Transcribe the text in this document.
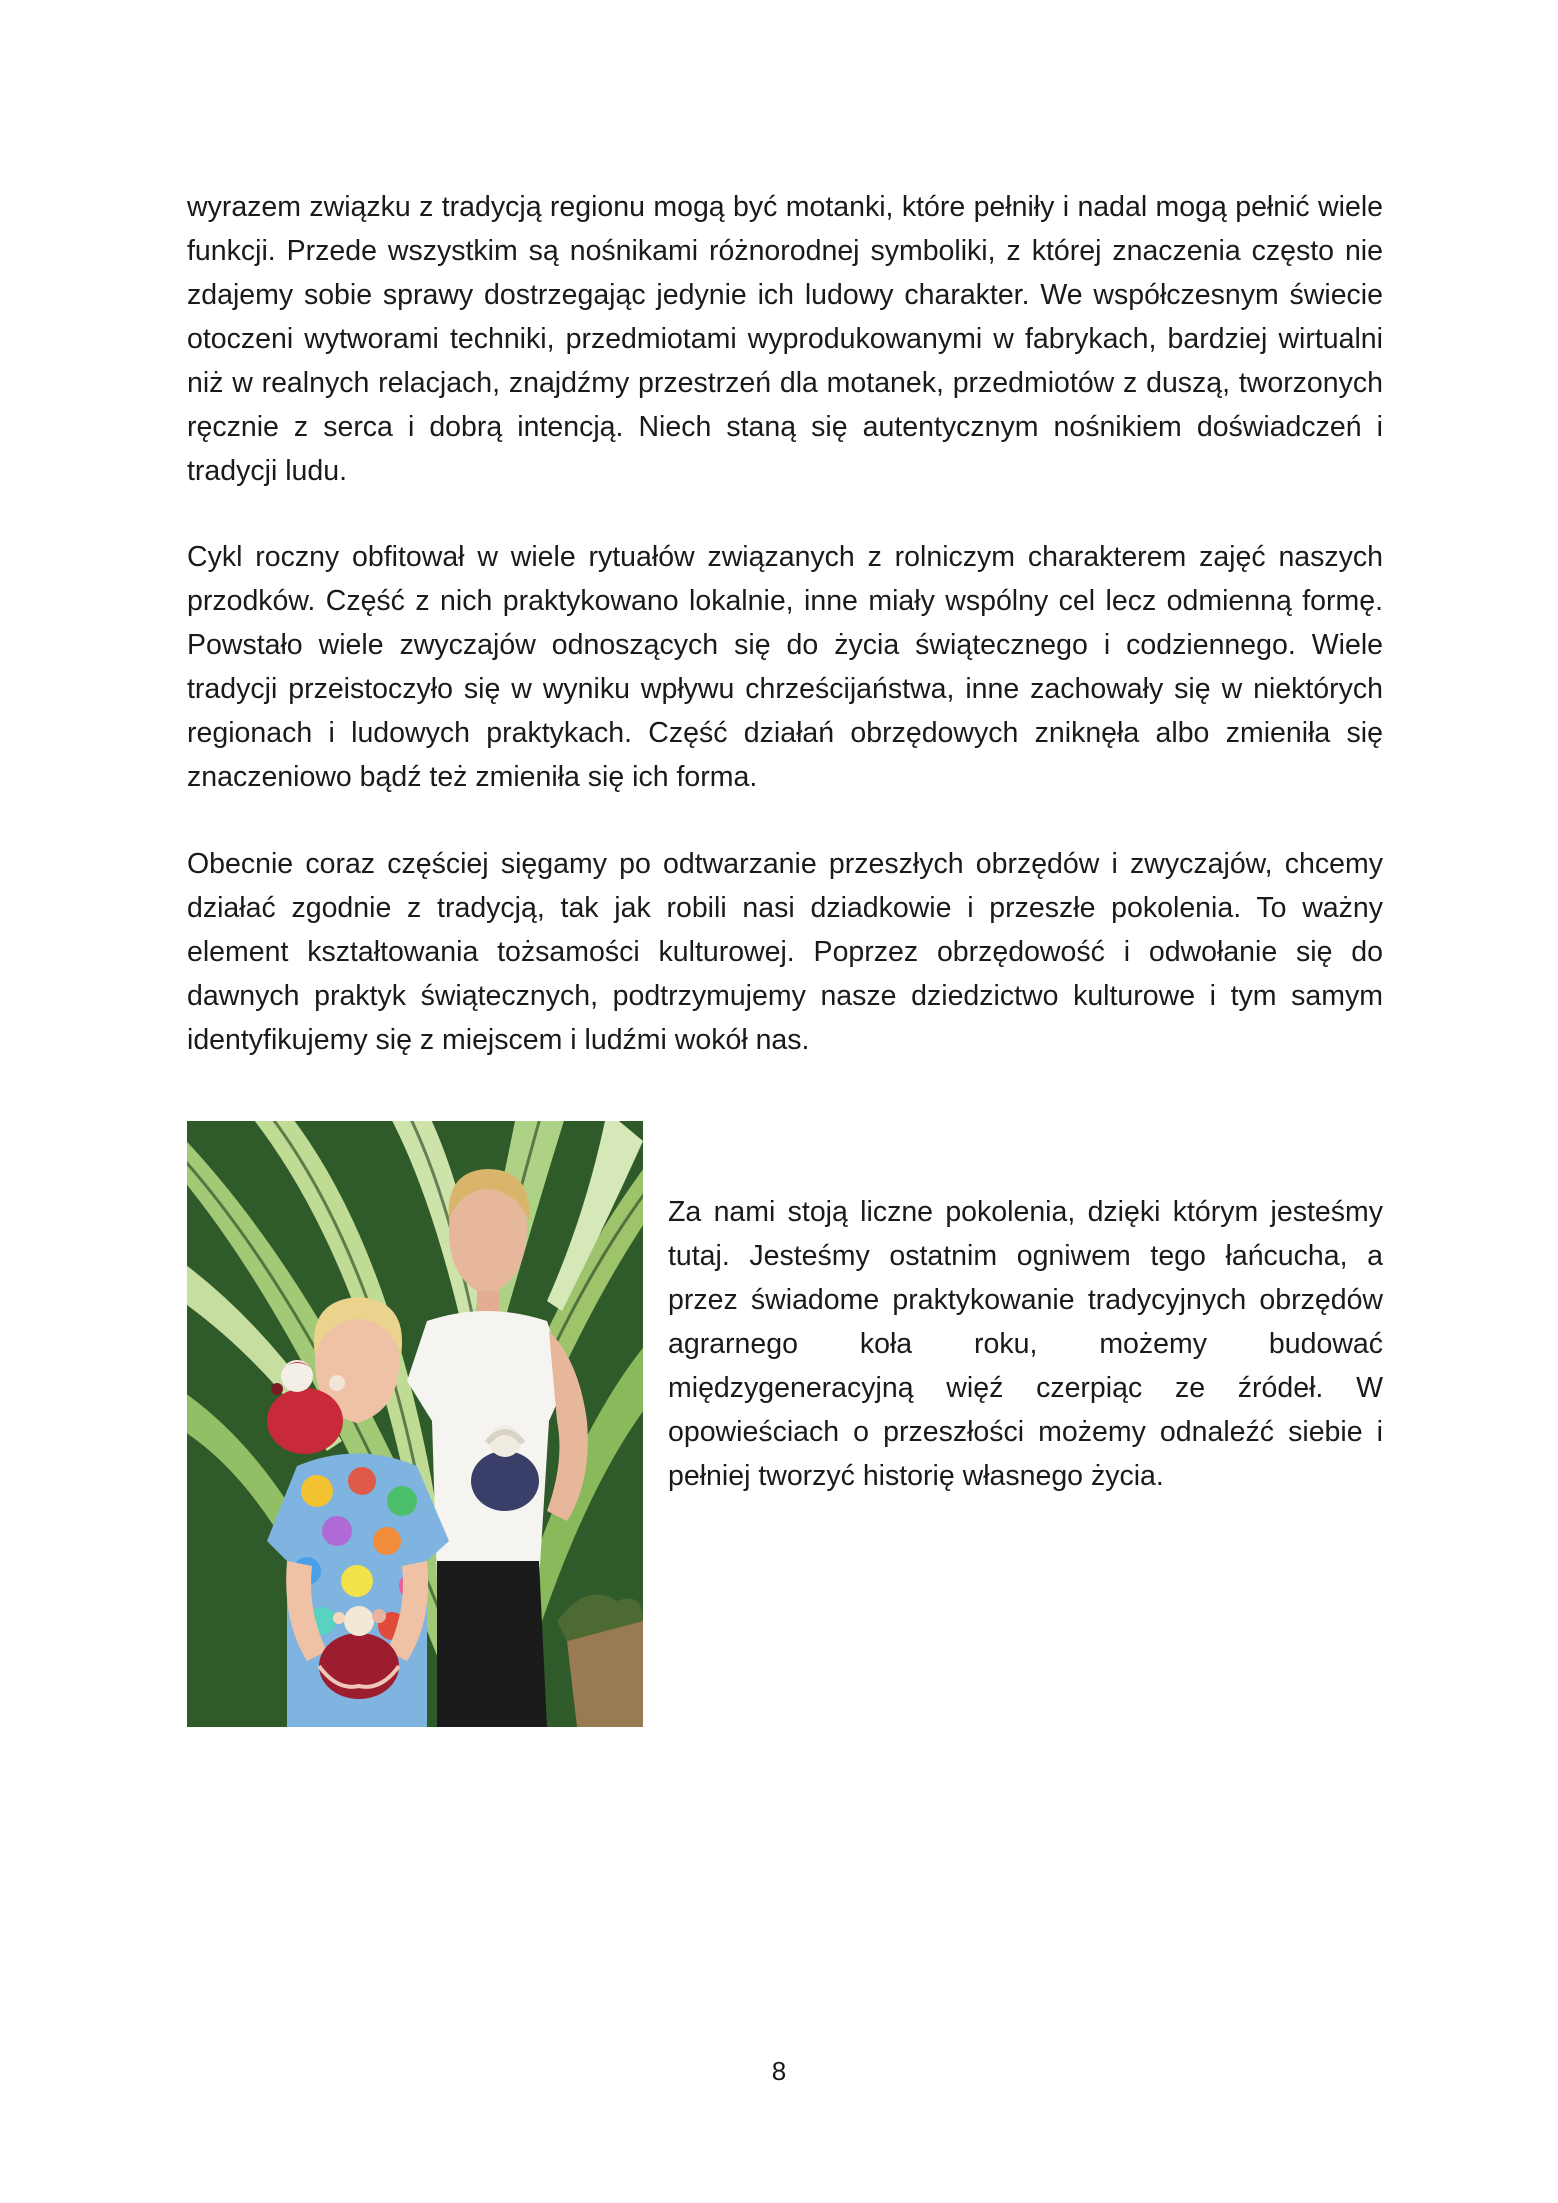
wyrazem związku z tradycją regionu mogą być motanki, które pełniły i nadal mogą pełnić wiele funkcji. Przede wszystkim są nośnikami różnorodnej symboliki, z której znaczenia często nie zdajemy sobie sprawy dostrzegając jedynie ich ludowy charakter. We współczesnym świecie otoczeni wytworami techniki, przedmiotami wyprodukowanymi w fabrykach, bardziej wirtualni niż w realnych relacjach, znajdźmy przestrzeń dla motanek, przedmiotów z duszą, tworzonych ręcznie z serca i dobrą intencją. Niech staną się autentycznym nośnikiem doświadczeń i tradycji ludu.

Cykl roczny obfitował w wiele rytuałów związanych z rolniczym charakterem zajęć naszych przodków. Część z nich praktykowano lokalnie, inne miały wspólny cel lecz odmienną formę. Powstało wiele zwyczajów odnoszących się do życia świątecznego i codziennego. Wiele tradycji przeistoczyło się w wyniku wpływu chrześcijaństwa, inne zachowały się w niektórych regionach i ludowych praktykach. Część działań obrzędowych zniknęła albo zmieniła się znaczeniowo bądź też zmieniła się ich forma.

Obecnie coraz częściej sięgamy po odtwarzanie przeszłych obrzędów i zwyczajów, chcemy działać zgodnie z tradycją, tak jak robili nasi dziadkowie i przeszłe pokolenia. To ważny element kształtowania tożsamości kulturowej. Poprzez obrzędowość i odwołanie się do dawnych praktyk świątecznych, podtrzymujemy nasze dziedzictwo kulturowe i tym samym identyfikujemy się z miejscem i ludźmi wokół nas.

Za nami stoją liczne pokolenia, dzięki którym jesteśmy tutaj. Jesteśmy ostatnim ogniwem tego łańcucha, a przez świadome praktykowanie tradycyjnych obrzędów agrarnego koła roku, możemy budować międzygeneracyjną więź czerpiąc ze źródeł. W opowieściach o przeszłości możemy odnaleźć siebie i pełniej tworzyć historię własnego życia.

8
